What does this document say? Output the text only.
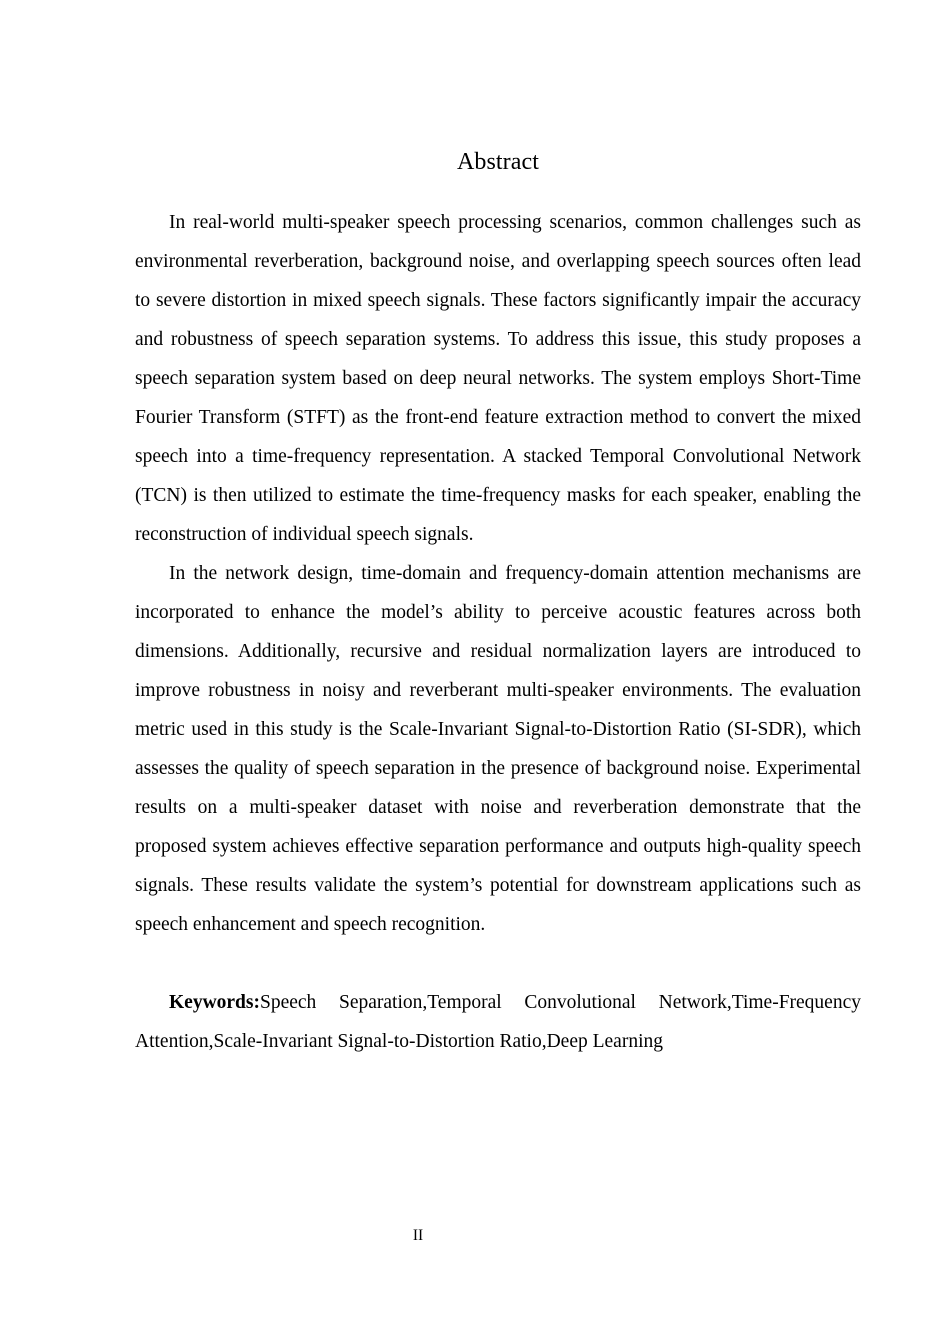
Abstract

In real-world multi-speaker speech processing scenarios, common challenges such as environmental reverberation, background noise, and overlapping speech sources often lead to severe distortion in mixed speech signals. These factors significantly impair the accuracy and robustness of speech separation systems. To address this issue, this study proposes a speech separation system based on deep neural networks. The system employs Short-Time Fourier Transform (STFT) as the front-end feature extraction method to convert the mixed speech into a time-frequency representation. A stacked Temporal Convolutional Network (TCN) is then utilized to estimate the time-frequency masks for each speaker, enabling the reconstruction of individual speech signals.

In the network design, time-domain and frequency-domain attention mechanisms are incorporated to enhance the model’s ability to perceive acoustic features across both dimensions. Additionally, recursive and residual normalization layers are introduced to improve robustness in noisy and reverberant multi-speaker environments. The evaluation metric used in this study is the Scale-Invariant Signal-to-Distortion Ratio (SI-SDR), which assesses the quality of speech separation in the presence of background noise. Experimental results on a multi-speaker dataset with noise and reverberation demonstrate that the proposed system achieves effective separation performance and outputs high-quality speech signals. These results validate the system’s potential for downstream applications such as speech enhancement and speech recognition.

Keywords:Speech Separation,Temporal Convolutional Network,Time-Frequency Attention,Scale-Invariant Signal-to-Distortion Ratio,Deep Learning

II
